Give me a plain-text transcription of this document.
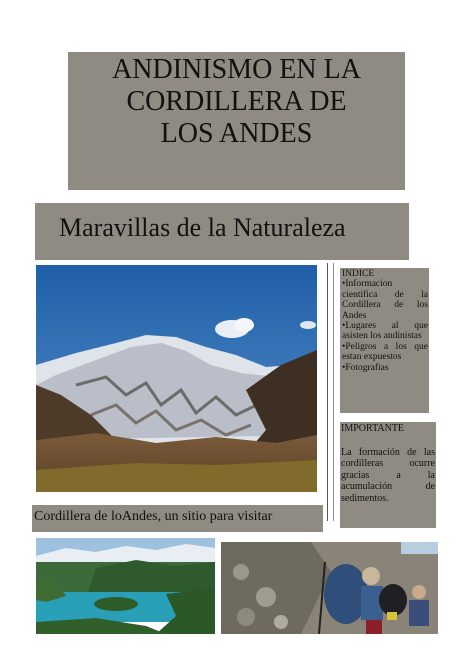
ANDINISMO EN LA
CORDILLERA DE
LOS ANDES
Maravillas de la Naturaleza
INDICE
•Informacion cientifica de la Cordillera de los Andes
•Lugares al que asisten los andinistas
•Peligros a los que estan expuestos
•Fotografias
IMPORTANTE
La formación de las cordilleras ocurre gracias a la acumulación de sedimentos.
Cordillera de loAndes, un sitio para visitar
